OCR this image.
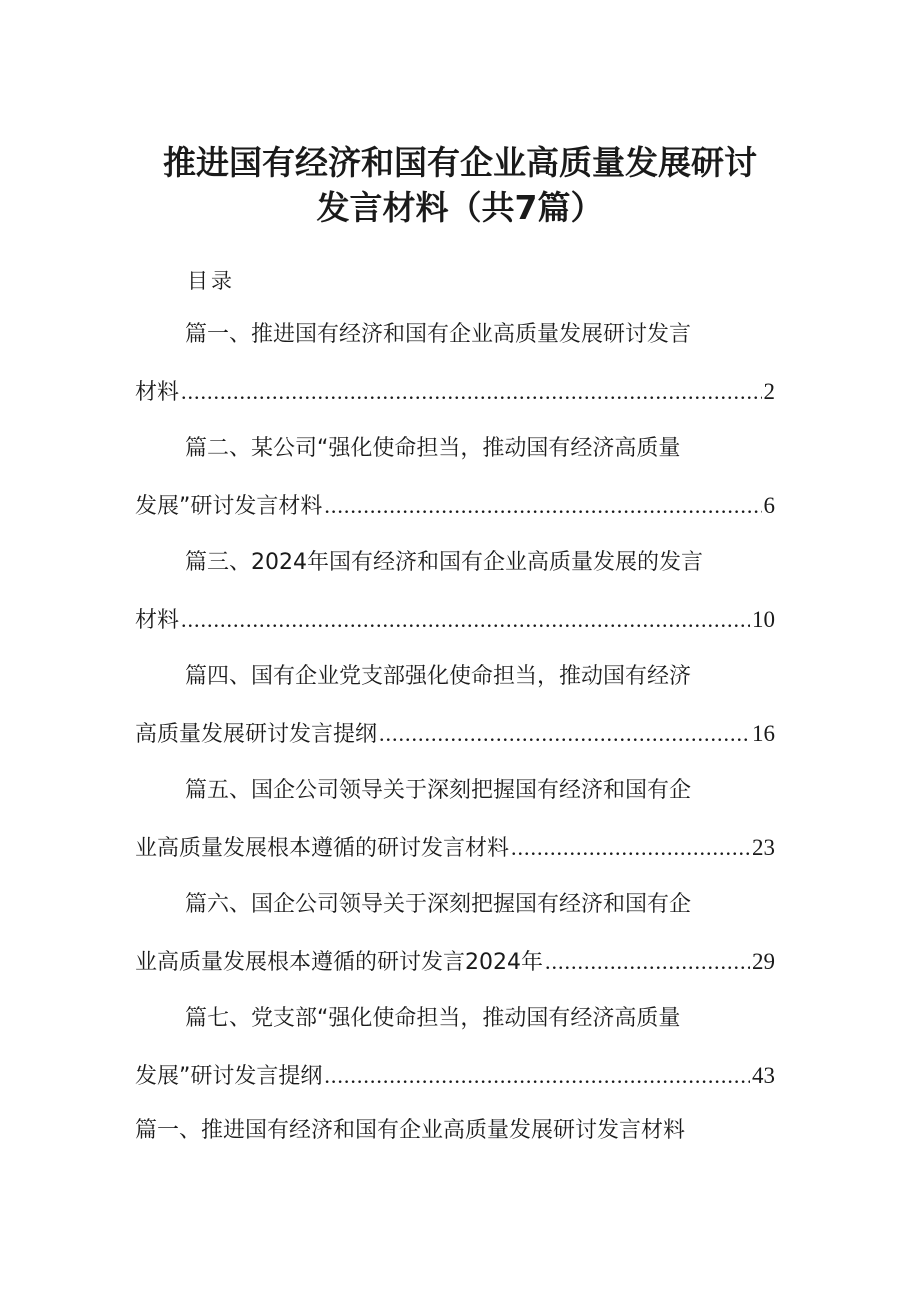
推进国有经济和国有企业高质量发展研讨
发言材料（共7篇）
目录
篇一、推进国有经济和国有企业高质量发展研讨发言
材料 .....	2
篇二、某公司“强化使命担当，推动国有经济高质量
发展”研讨发言材料 .....	6
篇三、2024年国有经济和国有企业高质量发展的发言
材料 .....	10
篇四、国有企业党支部强化使命担当，推动国有经济
高质量发展研讨发言提纲 .....	16
篇五、国企公司领导关于深刻把握国有经济和国有企
业高质量发展根本遵循的研讨发言材料 .....	23
篇六、国企公司领导关于深刻把握国有经济和国有企
业高质量发展根本遵循的研讨发言2024年 .....	29
篇七、党支部“强化使命担当，推动国有经济高质量
发展”研讨发言提纲 .....	43
篇一、推进国有经济和国有企业高质量发展研讨发言材料
